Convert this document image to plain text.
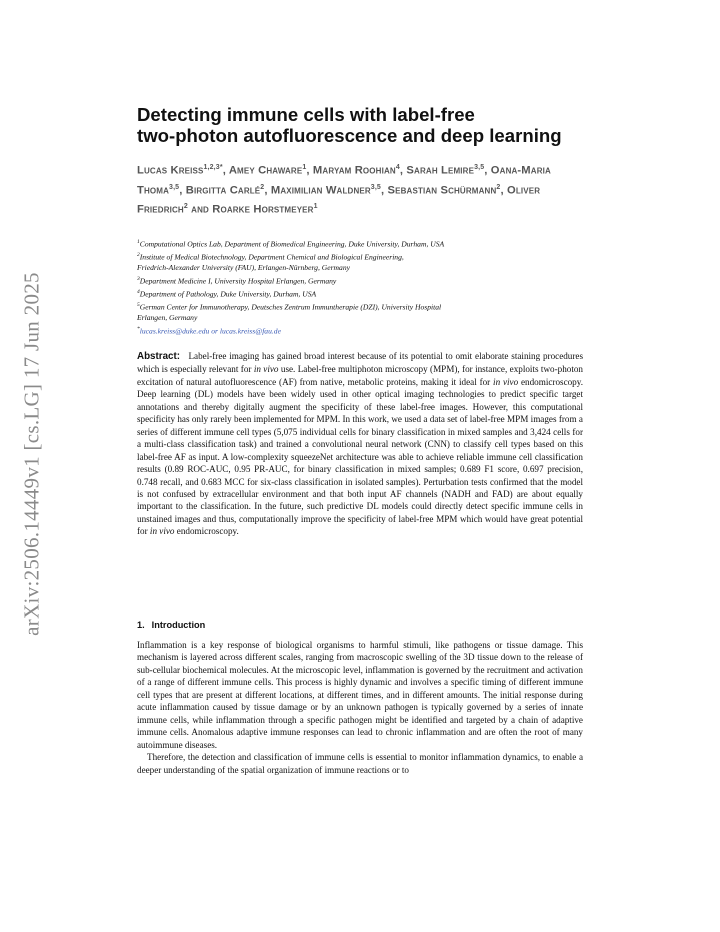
arXiv:2506.14449v1 [cs.LG] 17 Jun 2025
Detecting immune cells with label-free
two-photon autofluorescence and deep learning
Lucas Kreiss$^{1,2,3*}$, Amey Chaware$^1$, Maryam Roohian$^4$, Sarah Lemire$^{3,5}$, Oana-Maria Thoma$^{3,5}$, Birgitta Carlé$^2$, Maximilian Waldner$^{3,5}$, Sebastian Schürmann$^2$, Oliver Friedrich$^2$ and Roarke Horstmeyer$^1$
$^1$Computational Optics Lab, Department of Biomedical Engineering, Duke University, Durham, USA
$^2$Institute of Medical Biotechnology, Department Chemical and Biological Engineering,
Friedrich-Alexander University (FAU), Erlangen-Nürnberg, Germany
$^3$Department Medicine I, University Hospital Erlangen, Germany
$^4$Department of Pathology, Duke University, Durham, USA
$^5$German Center for Immunotherapy, Deutsches Zentrum Immuntherapie (DZI), University Hospital
Erlangen, Germany
*lucas.kreiss@duke.edu or lucas.kreiss@fau.de
Abstract: Label-free imaging has gained broad interest because of its potential to omit elaborate staining procedures which is especially relevant for in vivo use. Label-free multiphoton microscopy (MPM), for instance, exploits two-photon excitation of natural autofluorescence (AF) from native, metabolic proteins, making it ideal for in vivo endomicroscopy. Deep learning (DL) models have been widely used in other optical imaging technologies to predict specific target annotations and thereby digitally augment the specificity of these label-free images. However, this computational specificity has only rarely been implemented for MPM. In this work, we used a data set of label-free MPM images from a series of different immune cell types (5,075 individual cells for binary classification in mixed samples and 3,424 cells for a multi-class classification task) and trained a convolutional neural network (CNN) to classify cell types based on this label-free AF as input. A low-complexity squeezeNet architecture was able to achieve reliable immune cell classification results (0.89 ROC-AUC, 0.95 PR-AUC, for binary classification in mixed samples; 0.689 F1 score, 0.697 precision, 0.748 recall, and 0.683 MCC for six-class classification in isolated samples). Perturbation tests confirmed that the model is not confused by extracellular environment and that both input AF channels (NADH and FAD) are about equally important to the classification. In the future, such predictive DL models could directly detect specific immune cells in unstained images and thus, computationally improve the specificity of label-free MPM which would have great potential for in vivo endomicroscopy.
1. Introduction

Inflammation is a key response of biological organisms to harmful stimuli, like pathogens or tissue damage. This mechanism is layered across different scales, ranging from macroscopic swelling of the 3D tissue down to the release of sub-cellular biochemical molecules. At the microscopic level, inflammation is governed by the recruitment and activation of a range of different immune cells. This process is highly dynamic and involves a specific timing of different immune cell types that are present at different locations, at different times, and in different amounts. The initial response during acute inflammation caused by tissue damage or by an unknown pathogen is typically governed by a series of innate immune cells, while inflammation through a specific pathogen might be identified and targeted by a chain of adaptive immune cells. Anomalous adaptive immune responses can lead to chronic inflammation and are often the root of many autoimmune diseases.

Therefore, the detection and classification of immune cells is essential to monitor inflammation dynamics, to enable a deeper understanding of the spatial organization of immune reactions or to
